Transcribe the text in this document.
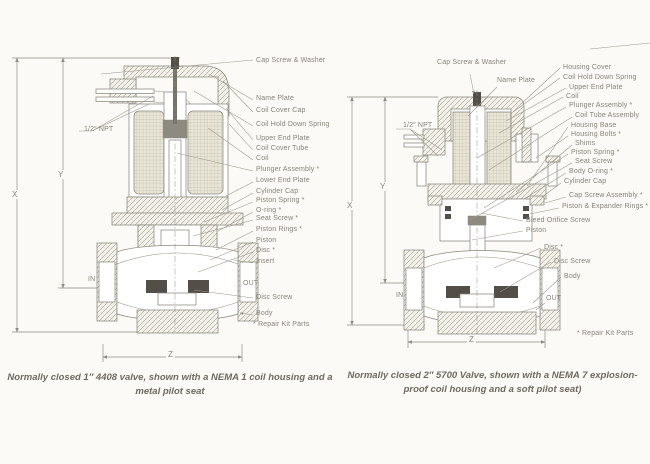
X
Y
Z
IN
OUT
1/2″ NPT
* Repair Kit Parts
Cap Screw & Washer
Name Plate
Coil Cover Cap
Coil Hold Down Spring
Upper End Plate
Coil Cover Tube
Coil
Plunger Assembly *
Lower End Plate
Cylinder Cap
Piston Spring *
O-ring *
Seat Screw *
Piston Rings *
Piston
Disc *
Insert
Disc Screw
Body
Normally closed 1″ 4408 valve, shown with a NEMA 1 coil housing and a metal pilot seat
X
Y
Z
IN	OUT
1/2″ NPT
* Repair Kit Parts
Cap Screw & Washer
Name Plate
Housing Cover
Coil Hold Down Spring
Upper End Plate
Coil
Plunger Assembly *
Coil Tube Assembly
Housing Base
Housing Bolts *
Shims
Piston Spring *
Seat Screw
Body O-ring *
Cylinder Cap
Cap Screw Assembly *
Piston & Expander Rings *
Bleed Orifice Screw
Piston
Disc *
Disc Screw
Body
Normally closed 2″ 5700 Valve, shown with a NEMA 7 explosion-proof coil housing and a soft pilot seat)
